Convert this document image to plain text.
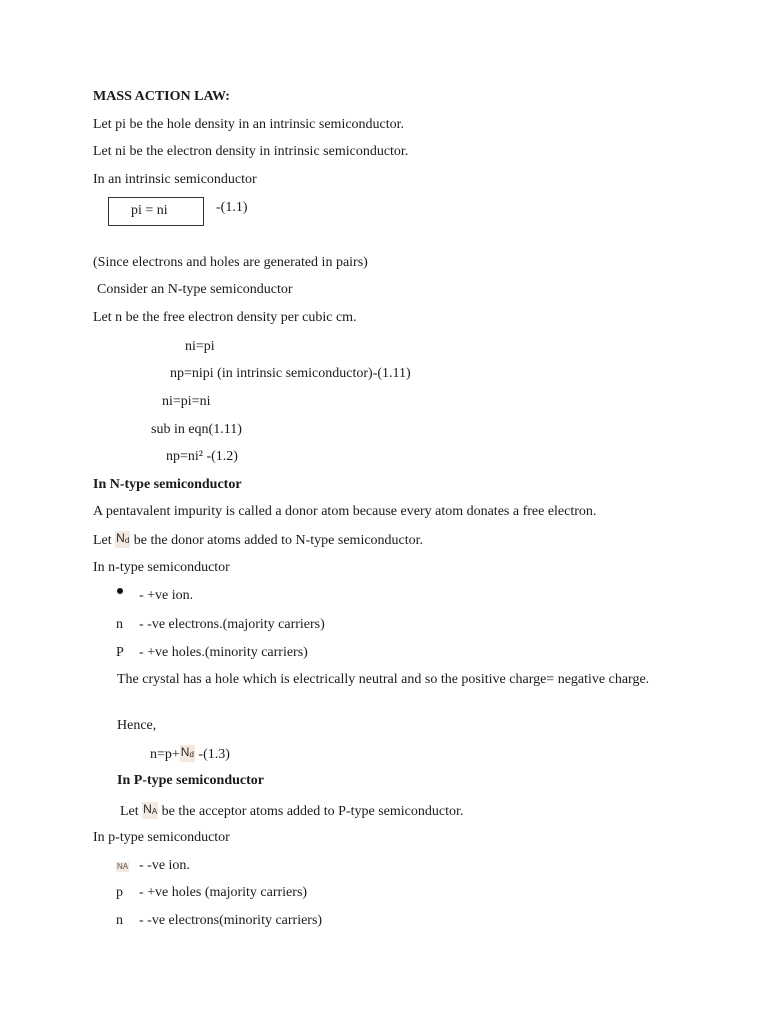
MASS ACTION LAW:
Let pi be the hole density in an intrinsic semiconductor.
Let ni be the electron density in intrinsic semiconductor.
In an intrinsic semiconductor
pi = ni	-(1.1)
(Since electrons and holes are generated in pairs)
Consider an N-type semiconductor
Let n be the free electron density per cubic cm.
ni=pi
np=nipi (in intrinsic semiconductor)-(1.11)
ni=pi=ni
sub in eqn(1.11)
np=ni² -(1.2)
In N-type semiconductor
A pentavalent impurity is called a donor atom because every atom donates a free electron.
Let $N_d$ be the donor atoms added to N-type semiconductor.
In n-type semiconductor
- +ve ion.
n - -ve electrons.(majority carriers)
P - +ve holes.(minority carriers)
The crystal has a hole which is electrically neutral and so the positive charge= negative charge.
Hence,
$n=p+N_d$ -(1.3)
In P-type semiconductor
Let $N_A$ be the acceptor atoms added to P-type semiconductor.
In p-type semiconductor
NA - -ve ion.
p - +ve holes (majority carriers)
n - -ve electrons(minority carriers)
